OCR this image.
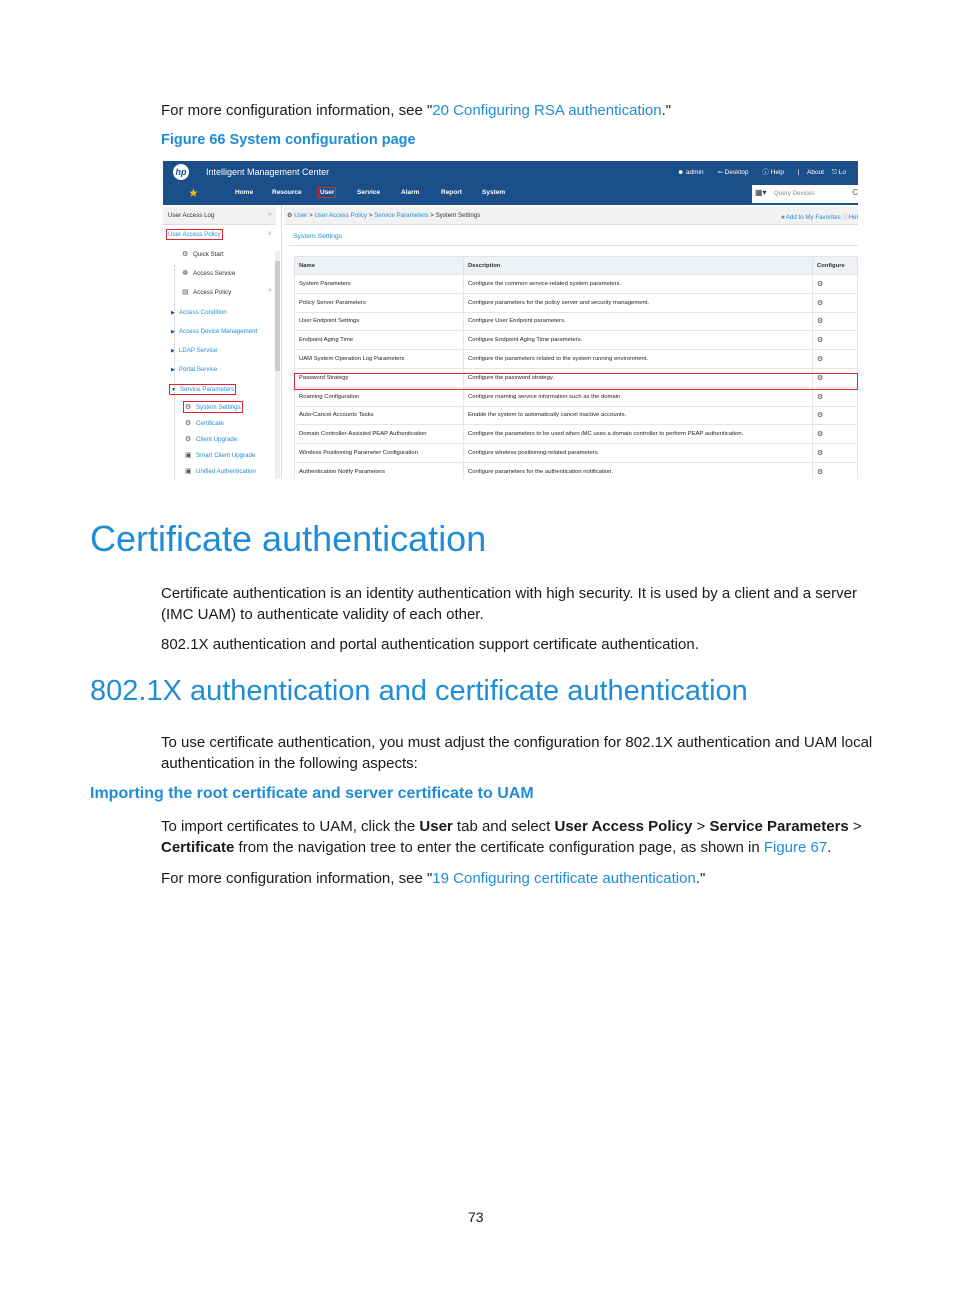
For more configuration information, see "20 Configuring RSA authentication."
Figure 66 System configuration page
hp Intelligent Management Center	☻ admin ⇦ Desktop ⓘ Help | About ⎋ Lo
★	Home	Resource	User	Service	Alarm	Report	System	▦▾ Query Devices	C
User Access Log	>
User Access Policy	v
⚙ Quick Start
☸ Access Service
▤ Access Policy	>
▶ Access Condition
▶ Access Device Management
▶ LDAP Service
▶ Portal Service
▼ Service Parameters
⚙ System Settings
⚙ Certificate
⚙ Client Upgrade
▣ Smart Client Upgrade
▣ Unified Authentication
⚙ User > User Access Policy > Service Parameters > System Settings	★Add to My Favorites ⓘHel
System Settings
Name	Description	Configure
System Parameters	Configure the common service-related system parameters.	⚙
Policy Server Parameters	Configure parameters for the policy server and security management.	⚙
User Endpoint Settings	Configure User Endpoint parameters.	⚙
Endpoint Aging Time	Configure Endpoint Aging Time parameters.	⚙
UAM System Operation Log Parameters	Configure the parameters related to the system running environment.	⚙
Password Strategy	Configure the password strategy.	⚙
Roaming Configuration	Configure roaming service information such as the domain.	⚙
Auto-Cancel Accounts Tasks	Enable the system to automatically cancel inactive accounts.	⚙
Domain Controller-Assisted PEAP Authentication	Configure the parameters to be used when iMC uses a domain controller to perform PEAP authentication.	⚙
Wireless Positioning Parameter Configuration	Configure wireless positioning-related parameters.	⚙
Authentication Notify Parameters	Configure parameters for the authentication notification.	⚙
Certificate authentication
Certificate authentication is an identity authentication with high security. It is used by a client and a server (IMC UAM) to authenticate validity of each other.
802.1X authentication and portal authentication support certificate authentication.
802.1X authentication and certificate authentication
To use certificate authentication, you must adjust the configuration for 802.1X authentication and UAM local authentication in the following aspects:
Importing the root certificate and server certificate to UAM
To import certificates to UAM, click the User tab and select User Access Policy > Service Parameters > Certificate from the navigation tree to enter the certificate configuration page, as shown in Figure 67.
For more configuration information, see "19 Configuring certificate authentication."
73
